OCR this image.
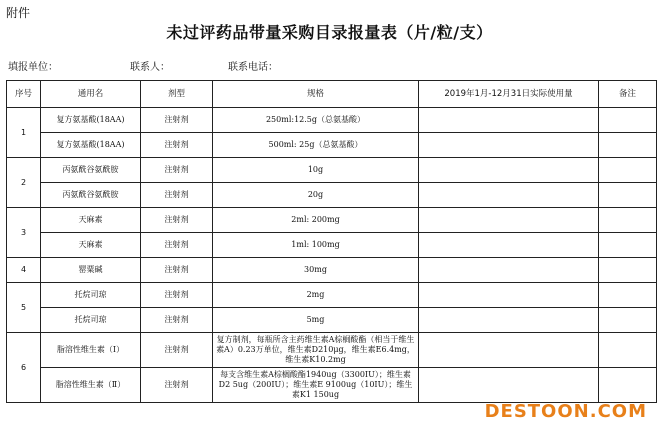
附件
未过评药品带量采购目录报量表（片/粒/支）
填报单位：	联系人：	联系电话：
序号	通用名	剂型	规格	2019年1月-12月31日实际使用量	备注
1	复方氨基酸(18AA)	注射剂	250ml:12.5g（总氨基酸）		
	复方氨基酸(18AA)	注射剂	500ml: 25g（总氨基酸）		
2	丙氨酰谷氨酰胺	注射剂	10g		
	丙氨酰谷氨酰胺	注射剂	20g		
3	天麻素	注射剂	2ml: 200mg		
	天麻素	注射剂	1ml: 100mg		
4	罂粟碱	注射剂	30mg		
5	托烷司琼	注射剂	2mg		
	托烷司琼	注射剂	5mg		
6	脂溶性维生素（Ⅰ）	注射剂	复方制剂，每瓶所含主药维生素A棕榈酸酯（相当于维生素A）0.23万单位，维生素D210μg，维生素E6.4mg，维生素K10.2mg		
	脂溶性维生素（Ⅱ）	注射剂	每支含维生素A棕榈酸酯1940ug（3300IU）；维生素D2 5ug（200IU）；维生素E 9100ug（10IU）；维生素K1 150ug		
DESTOON.COM
